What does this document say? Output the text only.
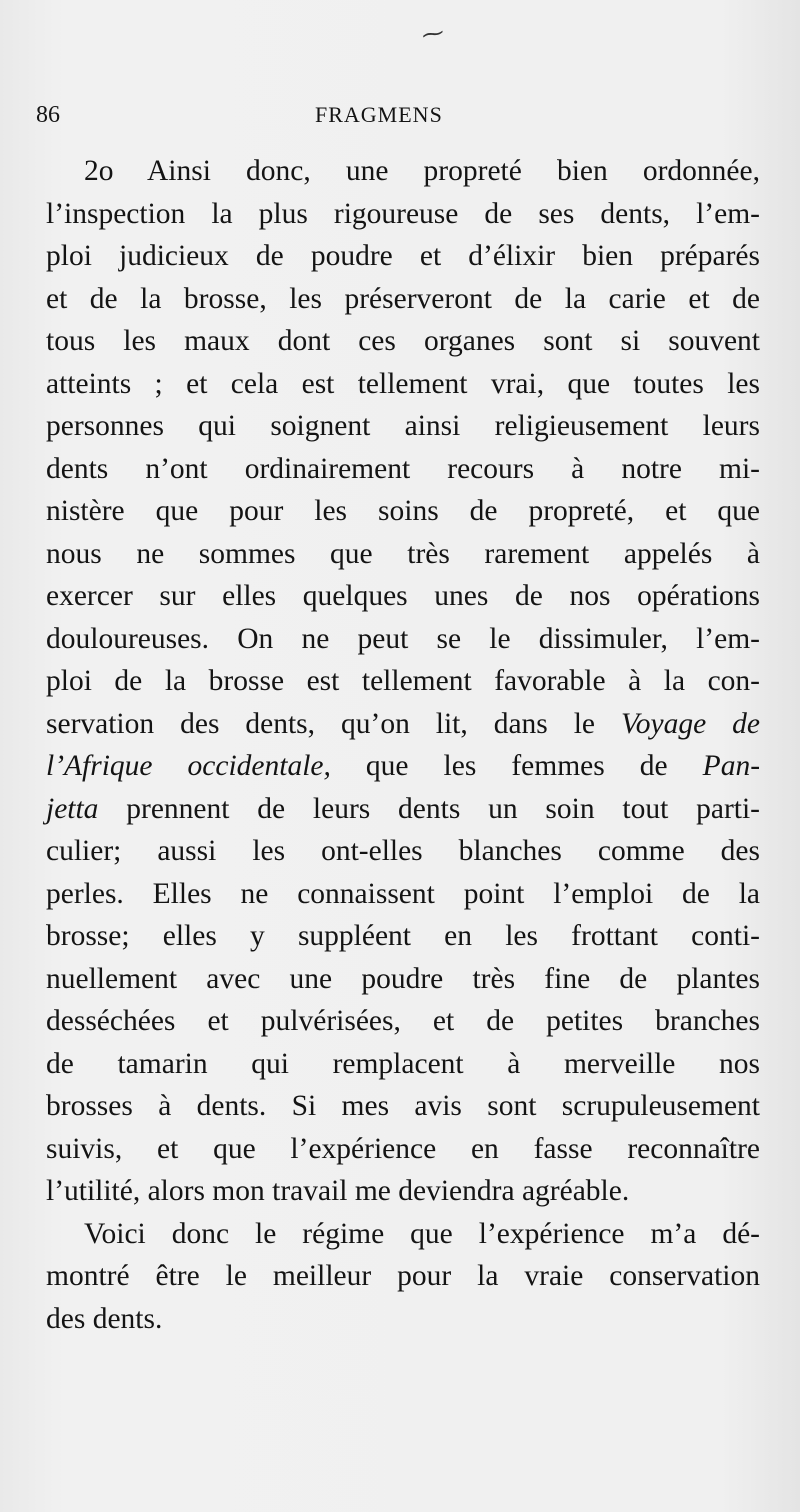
⁓
86	FRAGMENS
2o Ainsi donc, une propreté bien ordonnée,
l’inspection la plus rigoureuse de ses dents, l’em-
ploi judicieux de poudre et d’élixir bien préparés
et de la brosse, les préserveront de la carie et de
tous les maux dont ces organes sont si souvent
atteints ; et cela est tellement vrai, que toutes les
personnes qui soignent ainsi religieusement leurs
dents n’ont ordinairement recours à notre mi-
nistère que pour les soins de propreté, et que
nous ne sommes que très rarement appelés à
exercer sur elles quelques unes de nos opérations
douloureuses. On ne peut se le dissimuler, l’em-
ploi de la brosse est tellement favorable à la con-
servation des dents, qu’on lit, dans le Voyage de
l’Afrique occidentale, que les femmes de Pan-
jetta prennent de leurs dents un soin tout parti-
culier; aussi les ont-elles blanches comme des
perles. Elles ne connaissent point l’emploi de la
brosse; elles y suppléent en les frottant conti-
nuellement avec une poudre très fine de plantes
desséchées et pulvérisées, et de petites branches
de tamarin qui remplacent à merveille nos
brosses à dents. Si mes avis sont scrupuleusement
suivis, et que l’expérience en fasse reconnaître
l’utilité, alors mon travail me deviendra agréable.
Voici donc le régime que l’expérience m’a dé-
montré être le meilleur pour la vraie conservation
des dents.
